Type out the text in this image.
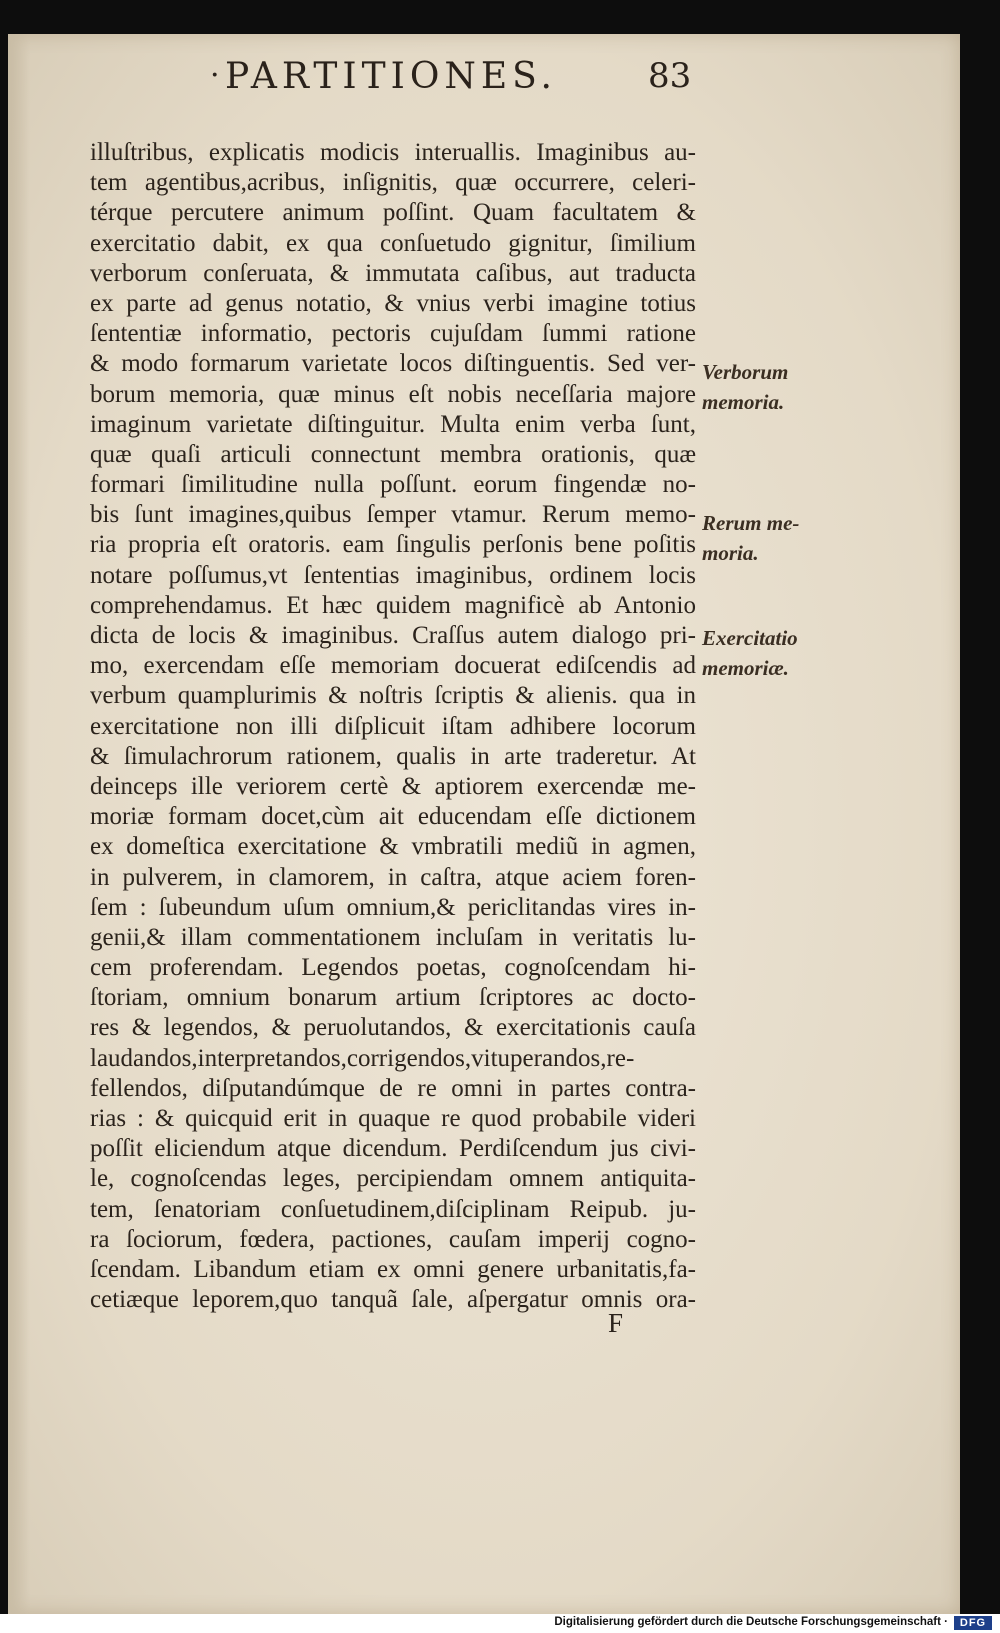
· PARTITIONES.	83
illuſtribus, explicatis modicis interuallis. Imaginibus au-
tem agentibus,acribus, inſignitis, quæ occurrere, celeri-
térque percutere animum poſſint. Quam facultatem &
exercitatio dabit, ex qua conſuetudo gignitur, ſimilium
verborum conſeruata, & immutata caſibus, aut traducta
ex parte ad genus notatio, & vnius verbi imagine totius
ſententiæ informatio, pectoris cujuſdam ſummi ratione
& modo formarum varietate locos diſtinguentis. Sed ver-
borum memoria, quæ minus eſt nobis neceſſaria majore
imaginum varietate diſtinguitur. Multa enim verba ſunt,
quæ quaſi articuli connectunt membra orationis, quæ
formari ſimilitudine nulla poſſunt. eorum fingendæ no-
bis ſunt imagines,quibus ſemper vtamur. Rerum memo-
ria propria eſt oratoris. eam ſingulis perſonis bene poſitis
notare poſſumus,vt ſententias imaginibus, ordinem locis
comprehendamus. Et hæc quidem magnificè ab Antonio
dicta de locis & imaginibus. Craſſus autem dialogo pri-
mo, exercendam eſſe memoriam docuerat ediſcendis ad
verbum quamplurimis & noſtris ſcriptis & alienis. qua in
exercitatione non illi diſplicuit iſtam adhibere locorum
& ſimulachrorum rationem, qualis in arte traderetur. At
deinceps ille veriorem certè & aptiorem exercendæ me-
moriæ formam docet,cùm ait educendam eſſe dictionem
ex domeſtica exercitatione & vmbratili mediũ in agmen,
in pulverem, in clamorem, in caſtra, atque aciem foren-
ſem : ſubeundum uſum omnium,& periclitandas vires in-
genii,& illam commentationem incluſam in veritatis lu-
cem proferendam. Legendos poetas, cognoſcendam hi-
ſtoriam, omnium bonarum artium ſcriptores ac docto-
res & legendos, & peruolutandos, & exercitationis cauſa
laudandos,interpretandos,corrigendos,vituperandos,re-
fellendos, diſputandúmque de re omni in partes contra-
rias : & quicquid erit in quaque re quod probabile videri
poſſit eliciendum atque dicendum. Perdiſcendum jus civi-
le, cognoſcendas leges, percipiendam omnem antiquita-
tem, ſenatoriam conſuetudinem,diſciplinam Reipub. ju-
ra ſociorum, fœdera, pactiones, cauſam imperij cogno-
ſcendam. Libandum etiam ex omni genere urbanitatis,fa-
cetiæque leporem,quo tanquã ſale, aſpergatur omnis ora-
Verborum
memoria.
Rerum me-
moria.
Exercitatio
memoriæ.
F
Digitalisierung gefördert durch die Deutsche Forschungsgemeinschaft ·	DFG
